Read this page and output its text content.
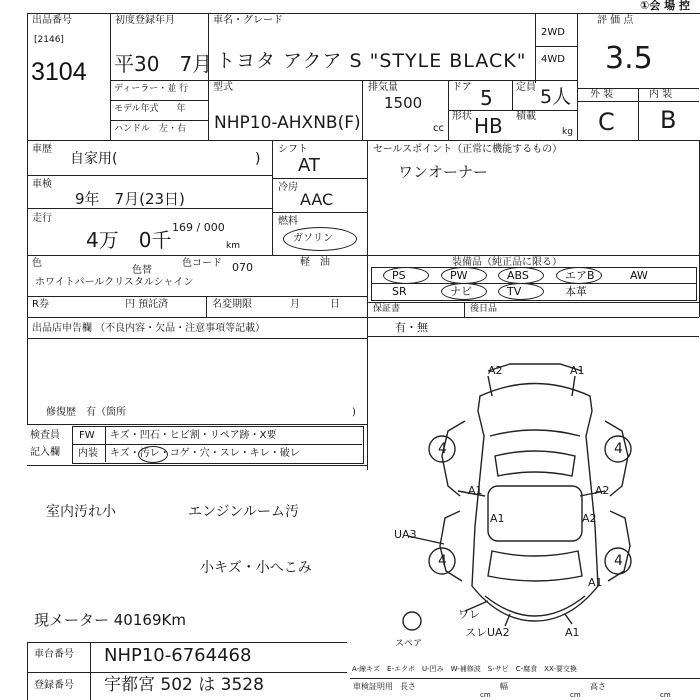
①会 場 控
出品番号
[2146]
3104
初度登録年月
平30　7月
ディーラー・並 行
モデル年式　　年
ハンドル　左・右
車名・グレード
トヨタ アクア S "STYLE BLACK"
2WD
4WD
型式
NHP10-AHXNB(F)
排気量
1500
cc
ドア 5 定員 5人
形状 HB 積載
kg
評 価 点
3.5
外 装	内 装
C B
車歴
自家用(	)
車検
9年　7月(23日)
走行
4万　0千
169 / 000
km
色
ホワイトパールクリスタルシャイン
色替
色コード 070
シフト
AT
冷房
AAC
燃料
ガソリン
軽　油
セールスポイント（正常に機能するもの）
ワンオーナー
装備品（純正品に限る）
PS	PW	ABS	エアB	AW
SR	ナビ	TV	本革
R券	円 預託済	名変期限	月　　　日	保証書
有・無
後日品
出品店申告欄 （不良内容・欠品・注意事項等記載）
修復歴　有（箇所	)
検査員
記入欄
FW キズ・凹石・ヒビ割・リペア跡・X要
内装 キズ・汚レ・コゲ・穴・スレ・キレ・破レ
室内汚れ小	エンジンルーム汚
小キズ・小へこみ
現メーター 40169Km
A2	A1
4	4
4	4
A1	A2
A1	A2
UA3
A1
ワレ
スレUA2	A1
スペア
車台番号 NHP10-6764468
登録番号 宇都宮 502 は 3528
A-線キズ　E-エクボ　U-凹み　W-補修波　S-サビ　C-腐食　XX-要交換
車検証明用 長さ
cm
幅
cm
高さ
cm
